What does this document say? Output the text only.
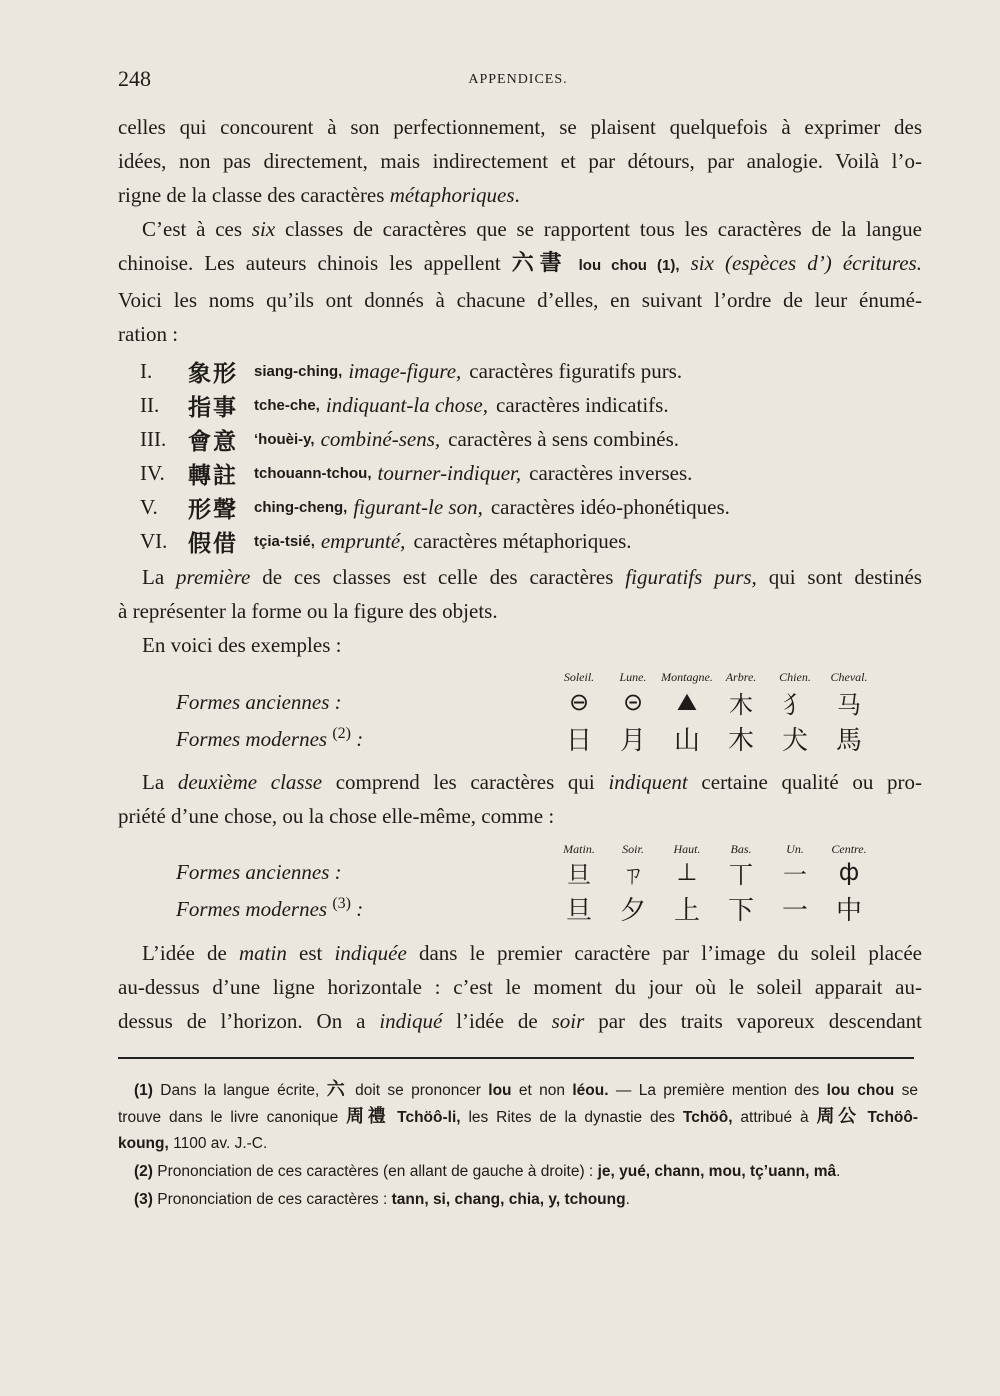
248	APPENDICES.
celles qui concourent à son perfectionnement, se plaisent quelquefois à exprimer des
idées, non pas directement, mais indirectement et par détours, par analogie. Voilà l’o-
rigne de la classe des caractères métaphoriques.
C’est à ces six classes de caractères que se rapportent tous les caractères de la langue
chinoise. Les auteurs chinois les appellent 六書 lou chou (1), six (espèces d’) écritures.
Voici les noms qu’ils ont donnés à chacune d’elles, en suivant l’ordre de leur énumé-
ration :
I.	象形	siang-ching, image-figure, caractères figuratifs purs.
II.	指事	tche-che, indiquant-la chose, caractères indicatifs.
III. 會意	‘houèi-y, combiné-sens, caractères à sens combinés.
IV.	轉註	tchouann-tchou, tourner-indiquer, caractères inverses.
V.	形聲	ching-cheng, figurant-le son, caractères idéo-phonétiques.
VI. 假借	tçia-tsié, emprunté, caractères métaphoriques.
La première de ces classes est celle des caractères figuratifs purs, qui sont destinés
à représenter la forme ou la figure des objets.
En voici des exemples :
Soleil.	Lune.	Montagne.	Arbre.	Chien.	Cheval.
Formes anciennes :	⊖	⊝	⛰	木	犭	马
Formes modernes $^{(2)}$ :	日	月	山	木	犬	馬
La deuxième classe comprend les caractères qui indiquent certaine qualité ou pro-
priété d’une chose, ou la chose elle-même, comme :
Matin.	Soir.	Haut.	Bas.	Un.	Centre.
Formes anciennes :	旦	ㄗ	⊥	丅	一	ф
Formes modernes $^{(3)}$ :	旦	夕	上	下	一	中
L’idée de matin est indiquée dans le premier caractère par l’image du soleil placée
au-dessus d’une ligne horizontale : c’est le moment du jour où le soleil apparait au-
dessus de l’horizon. On a indiqué l’idée de soir par des traits vaporeux descendant
(1) Dans la langue écrite, 六 doit se prononcer lou et non léou. — La première mention des lou chou se
trouve dans le livre canonique 周禮 Tchöô-li, les Rites de la dynastie des Tchöô, attribué à 周公 Tchöô-
koung, 1100 av. J.-C.
(2) Prononciation de ces caractères (en allant de gauche à droite) : je, yué, chann, mou, tç’uann, mâ.
(3) Prononciation de ces caractères : tann, si, chang, chia, y, tchoung.
